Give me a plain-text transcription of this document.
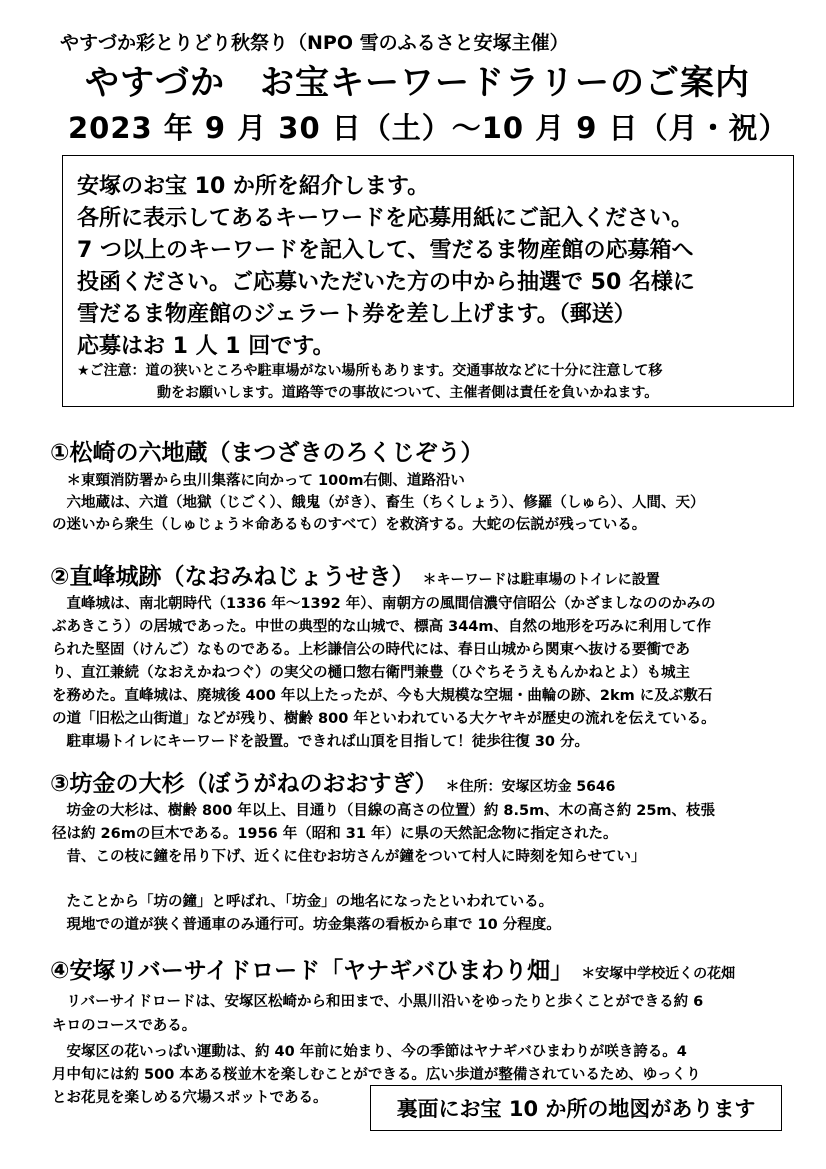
やすづか彩とりどり秋祭り（NPO 雪のふるさと安塚主催）
やすづか　お宝キーワードラリーのご案内
2023 年 9 月 30 日（土）～10 月 9 日（月・祝）
安塚のお宝 10 か所を紹介します。
各所に表示してあるキーワードを応募用紙にご記入ください。
7 つ以上のキーワードを記入して、雪だるま物産館の応募箱へ
投函ください。ご応募いただいた方の中から抽選で 50 名様に
雪だるま物産館のジェラート券を差し上げます。（郵送）
応募はお 1 人 1 回です。
★ご注意：道の狭いところや駐車場がない場所もあります。交通事故などに十分に注意して移
動をお願いします。道路等での事故について、主催者側は責任を負いかねます。
①松崎の六地蔵（まつざきのろくじぞう）
　＊東頸消防署から虫川集落に向かって 100m右側、道路沿い
　六地蔵は、六道（地獄（じごく）、餓鬼（がき）、畜生（ちくしょう）、修羅（しゅら）、人間、天）
の迷いから衆生（しゅじょう＊命あるものすべて）を救済する。大蛇の伝説が残っている。
②直峰城跡（なおみねじょうせき） ＊キーワードは駐車場のトイレに設置
　直峰城は、南北朝時代（1336 年～1392 年）、南朝方の風間信濃守信昭公（かざましなののかみの
ぶあきこう）の居城であった。中世の典型的な山城で、標高 344m、自然の地形を巧みに利用して作
られた堅固（けんご）なものである。上杉謙信公の時代には、春日山城から関東へ抜ける要衝であ
り、直江兼続（なおえかねつぐ）の実父の樋口惣右衛門兼豊（ひぐちそうえもんかねとよ）も城主
を務めた。直峰城は、廃城後 400 年以上たったが、今も大規模な空堀・曲輪の跡、2km に及ぶ敷石
の道「旧松之山街道」などが残り、樹齢 800 年といわれている大ケヤキが歴史の流れを伝えている。
　駐車場トイレにキーワードを設置。できれば山頂を目指して！徒歩往復 30 分。
③坊金の大杉（ぼうがねのおおすぎ） ＊住所：安塚区坊金 5646
　坊金の大杉は、樹齢 800 年以上、目通り（目線の高さの位置）約 8.5m、木の高さ約 25m、枝張
径は約 26mの巨木である。1956 年（昭和 31 年）に県の天然記念物に指定された。
　昔、この枝に鐘を吊り下げ、近くに住むお坊さんが鐘をついて村人に時刻を知らせてい」
　たことから「坊の鐘」と呼ばれ、「坊金」の地名になったといわれている。
　現地での道が狭く普通車のみ通行可。坊金集落の看板から車で 10 分程度。
④安塚リバーサイドロード「ヤナギバひまわり畑」 ＊安塚中学校近くの花畑
　リバーサイドロードは、安塚区松崎から和田まで、小黒川沿いをゆったりと歩くことができる約 6
キロのコースである。
　安塚区の花いっぱい運動は、約 40 年前に始まり、今の季節はヤナギバひまわりが咲き誇る。4
月中旬には約 500 本ある桜並木を楽しむことができる。広い歩道が整備されているため、ゆっくり
とお花見を楽しめる穴場スポットである。	裏面にお宝 10 か所の地図があります
